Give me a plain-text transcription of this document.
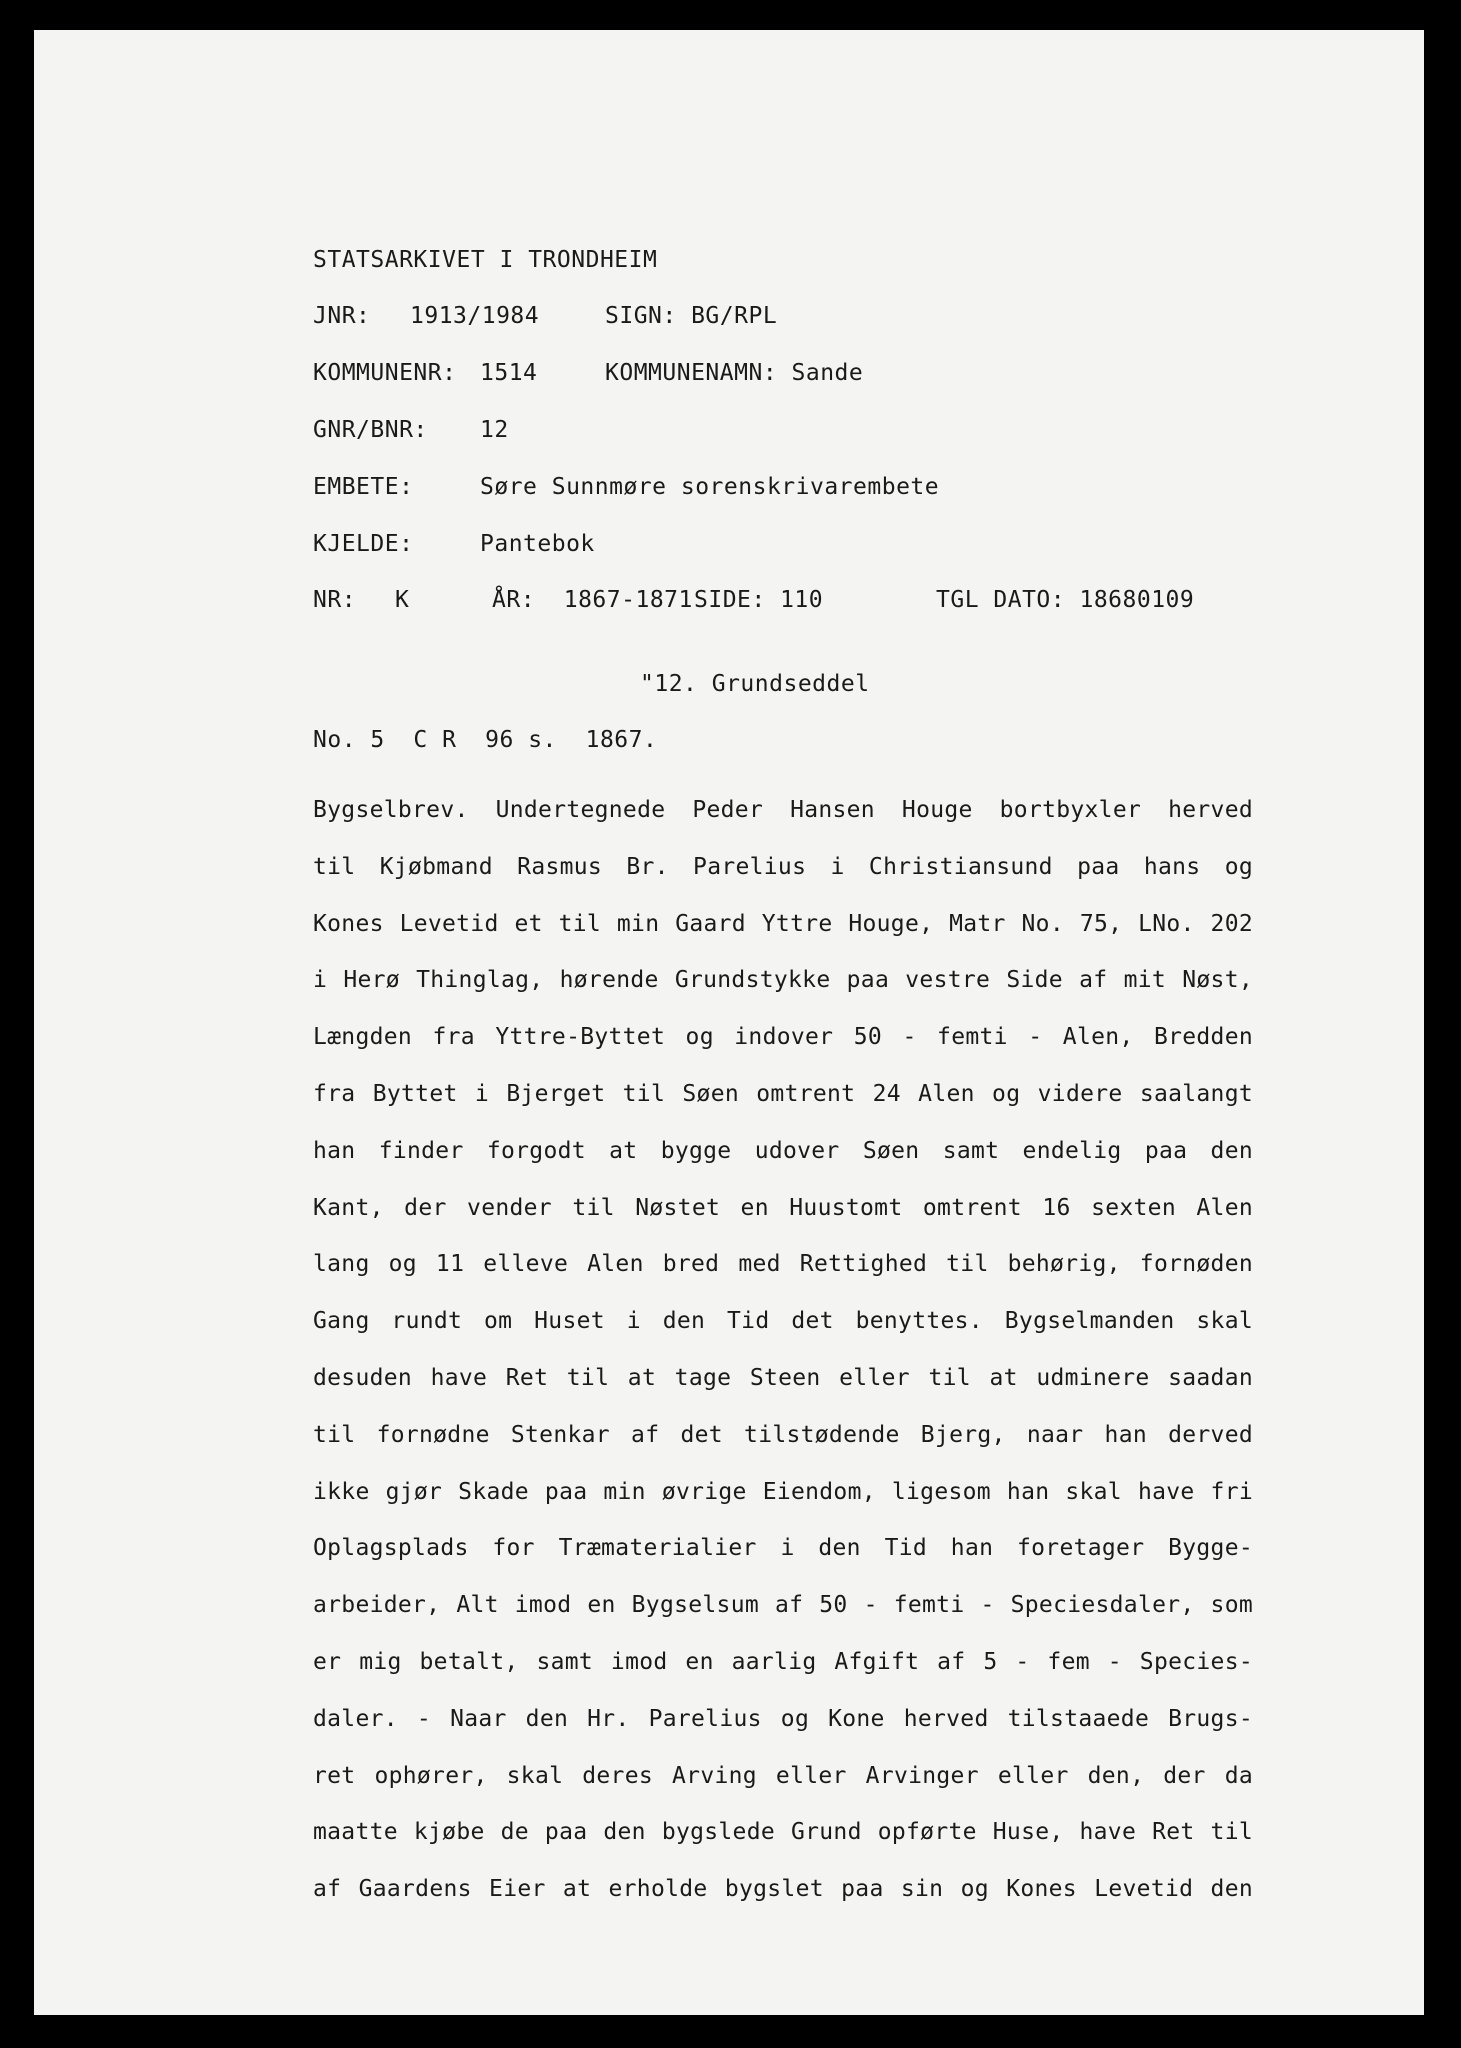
STATSARKIVET I TRONDHEIM
JNR: 1913/1984	SIGN: BG/RPL
KOMMUNENR: 1514	KOMMUNENAMN: Sande
GNR/BNR: 12
EMBETE:	Søre Sunnmøre sorenskrivarembete
KJELDE:	Pantebok
NR: K	ÅR:  1867-1871 SIDE: 110	TGL DATO: 18680109
"12. Grundseddel
No. 5  C R  96 s.  1867.
Bygselbrev. Undertegnede Peder Hansen Houge bortbyxler herved
til Kjøbmand Rasmus Br. Parelius i Christiansund paa hans og
Kones Levetid et til min Gaard Yttre Houge, Matr No. 75, LNo. 202
i Herø Thinglag, hørende Grundstykke paa vestre Side af mit Nøst,
Længden fra Yttre-Byttet og indover 50 - femti - Alen, Bredden
fra Byttet i Bjerget til Søen omtrent 24 Alen og videre saalangt
han finder forgodt at bygge udover Søen samt endelig paa den
Kant, der vender til Nøstet en Huustomt omtrent 16 sexten Alen
lang og 11 elleve Alen bred med Rettighed til behørig, fornøden
Gang rundt om Huset i den Tid det benyttes. Bygselmanden skal
desuden have Ret til at tage Steen eller til at udminere saadan
til fornødne Stenkar af det tilstødende Bjerg, naar han derved
ikke gjør Skade paa min øvrige Eiendom, ligesom han skal have fri
Oplagsplads for Træmaterialier i den Tid han foretager Bygge-
arbeider, Alt imod en Bygselsum af 50 - femti - Speciesdaler, som
er mig betalt, samt imod en aarlig Afgift af 5 - fem - Species-
daler. - Naar den Hr. Parelius og Kone herved tilstaaede Brugs-
ret ophører, skal deres Arving eller Arvinger eller den, der da
maatte kjøbe de paa den bygslede Grund opførte Huse, have Ret til
af Gaardens Eier at erholde bygslet paa sin og Kones Levetid den
